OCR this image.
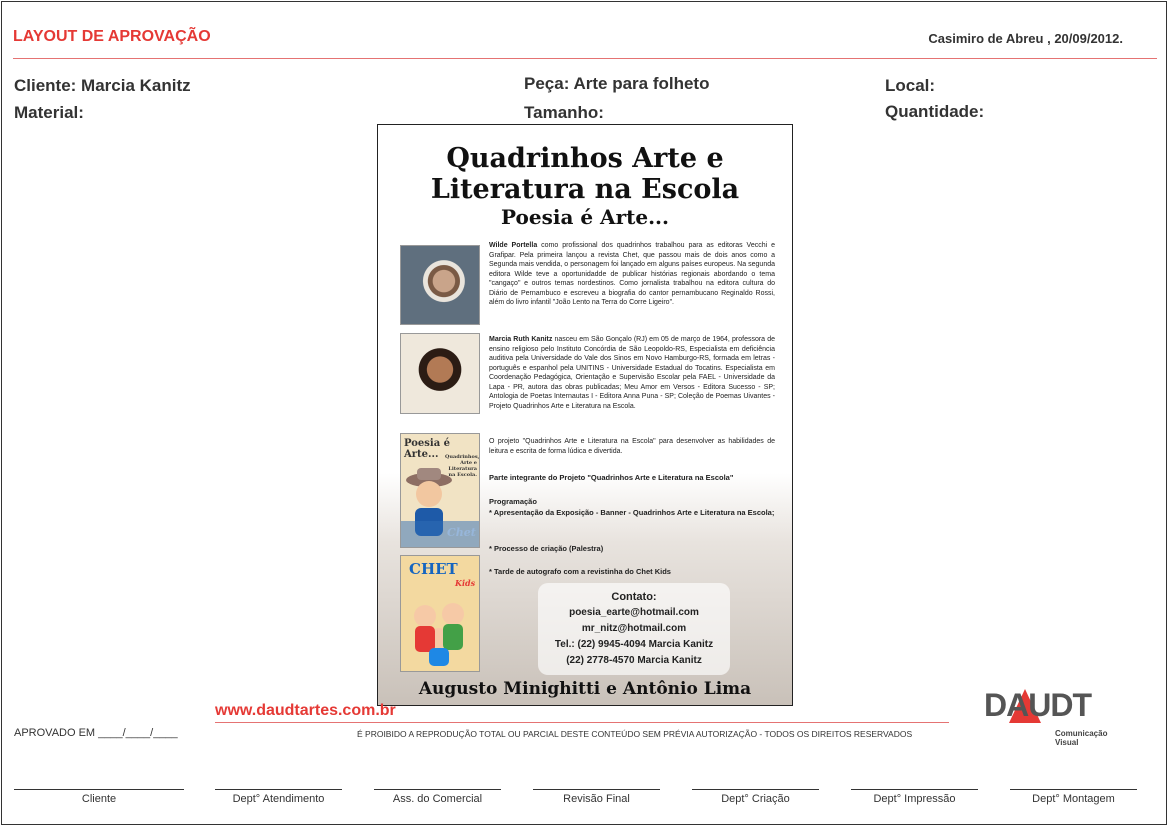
LAYOUT DE APROVAÇÃO	Casimiro de Abreu , 20/09/2012.
Cliente: Marcia Kanitz
Material:
Peça: Arte para folheto
Tamanho:
Local:
Quantidade:
Quadrinhos Arte e
Literatura na Escola
Poesia é Arte...
Wilde Portella como profissional dos quadrinhos trabalhou para as editoras Vecchi e Grafipar. Pela primeira lançou a revista Chet, que passou mais de dois anos como a Segunda mais vendida, o personagem foi lançado em alguns países europeus. Na segunda editora Wilde teve a oportunidadde de publicar histórias regionais abordando o tema "cangaço" e outros temas nordestinos. Como jornalista trabalhou na editora cultura do Diário de Pernambuco e escreveu a biografia do cantor pernambucano Reginaldo Rossi, além do livro infantil "João Lento na Terra do Corre Ligeiro".
Marcia Ruth Kanitz nasceu em São Gonçalo (RJ) em 05 de março de 1964, professora de ensino religioso pelo Instituto Concórdia de São Leopoldo-RS, Especialista em deficiência auditiva pela Universidade do Vale dos Sinos em Novo Hamburgo-RS, formada em letras - português e espanhol pela UNITINS - Universidade Estadual do Tocatins. Especialista em Coordenação Pedagógica, Orientação e Supervisão Escolar pela FAEL - Universidade da Lapa - PR, autora das obras publicadas; Meu Amor em Versos - Editora Sucesso - SP; Antologia de Poetas Internautas I - Editora Anna Puna - SP; Coleção de Poemas Uivantes - Projeto Quadrinhos Arte e Literatura na Escola.
Poesia é Arte...	Quadrinhos, Arte e Literatura na Escola.
O projeto "Quadrinhos Arte e Literatura na Escola" para desenvolver as habilidades de leitura e escrita de forma lúdica e divertida.
Parte integrante do Projeto "Quadrinhos Arte e Literatura na Escola"
Programação
* Apresentação da Exposição - Banner - Quadrinhos Arte e Literatura na Escola;
* Processo de criação (Palestra)
* Tarde de autografo com a revistinha do Chet Kids
CHET
Kids
Contato:
poesia_earte@hotmail.com
mr_nitz@hotmail.com
Tel.: (22) 9945-4094 Marcia Kanitz
(22) 2778-4570 Marcia Kanitz
Augusto Minighitti e Antônio Lima
www.daudtartes.com.br
APROVADO EM ____/____/____	É PROIBIDO A REPRODUÇÃO TOTAL OU PARCIAL DESTE CONTEÚDO SEM PRÉVIA AUTORIZAÇÃO - TODOS OS DIREITOS RESERVADOS
DAUDT
Comunicação Visual
Cliente	Dept° Atendimento	Ass. do Comercial	Revisão Final	Dept° Criação	Dept° Impressão	Dept° Montagem
